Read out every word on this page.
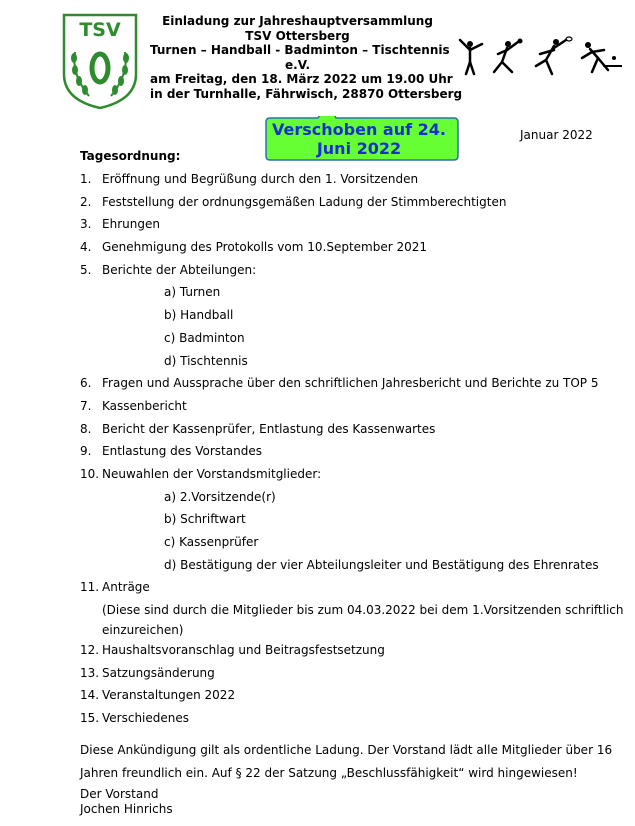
TSV	Einladung zur Jahreshauptversammlung
TSV Ottersberg
Turnen – Handball - Badminton – Tischtennis
e.V.
am Freitag, den 18. März 2022 um 19.00 Uhr
in der Turnhalle, Fährwisch, 28870 Ottersberg
Januar 2022
Verschoben auf 24.
Juni 2022
Tagesordnung:
1. Eröffnung und Begrüßung durch den 1. Vorsitzenden
2. Feststellung der ordnungsgemäßen Ladung der Stimmberechtigten
3. Ehrungen
4. Genehmigung des Protokolls vom 10.September 2021
5. Berichte der Abteilungen:
a) Turnen
b) Handball
c) Badminton
d) Tischtennis
6. Fragen und Aussprache über den schriftlichen Jahresbericht und Berichte zu TOP 5
7. Kassenbericht
8. Bericht der Kassenprüfer, Entlastung des Kassenwartes
9. Entlastung des Vorstandes
10. Neuwahlen der Vorstandsmitglieder:
a) 2.Vorsitzende(r)
b) Schriftwart
c) Kassenprüfer
d) Bestätigung der vier Abteilungsleiter und Bestätigung des Ehrenrates
11. Anträge
(Diese sind durch die Mitglieder bis zum 04.03.2022 bei dem 1.Vorsitzenden schriftlich
einzureichen)
12. Haushaltsvoranschlag und Beitragsfestsetzung
13. Satzungsänderung
14. Veranstaltungen 2022
15. Verschiedenes
Diese Ankündigung gilt als ordentliche Ladung. Der Vorstand lädt alle Mitglieder über 16
Jahren freundlich ein. Auf § 22 der Satzung „Beschlussfähigkeit“ wird hingewiesen!
Der Vorstand
Jochen Hinrichs
